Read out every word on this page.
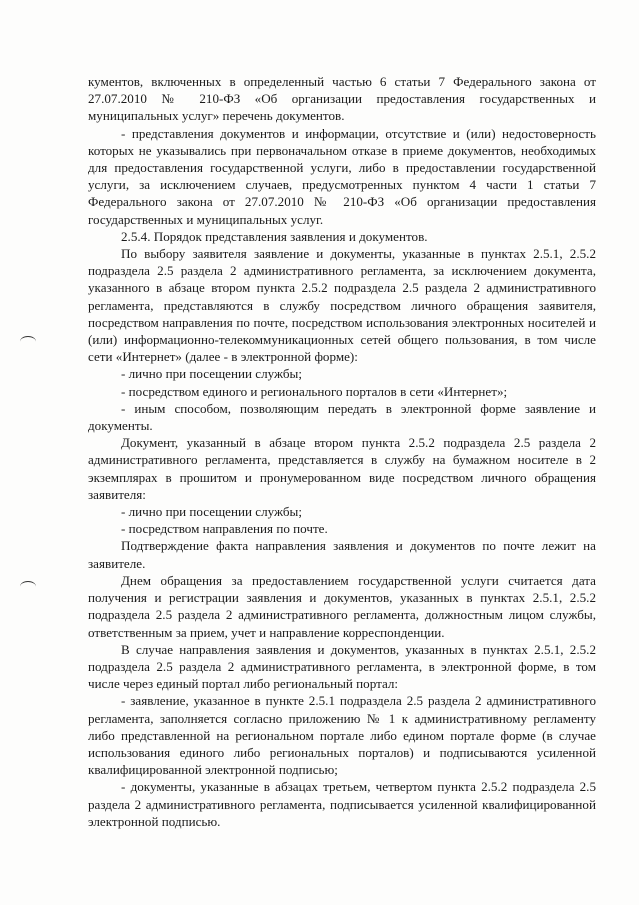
кументов, включенных в определенный частью 6 статьи 7 Федерального закона от 27.07.2010 № 210-ФЗ «Об организации предоставления государственных и муниципальных услуг» перечень документов.

- представления документов и информации, отсутствие и (или) недостоверность которых не указывались при первоначальном отказе в приеме документов, необходимых для предоставления государственной услуги, либо в предоставлении государственной услуги, за исключением случаев, предусмотренных пунктом 4 части 1 статьи 7 Федерального закона от 27.07.2010 № 210-ФЗ «Об организации предоставления государственных и муниципальных услуг.

2.5.4. Порядок представления заявления и документов.

По выбору заявителя заявление и документы, указанные в пунктах 2.5.1, 2.5.2 подраздела 2.5 раздела 2 административного регламента, за исключением документа, указанного в абзаце втором пункта 2.5.2 подраздела 2.5 раздела 2 административного регламента, представляются в службу посредством личного обращения заявителя, посредством направления по почте, посредством использования электронных носителей и (или) информационно-телекоммуникационных сетей общего пользования, в том числе сети «Интернет» (далее - в электронной форме):

- лично при посещении службы;

- посредством единого и регионального порталов в сети «Интернет»;

- иным способом, позволяющим передать в электронной форме заявление и документы.

Документ, указанный в абзаце втором пункта 2.5.2 подраздела 2.5 раздела 2 административного регламента, представляется в службу на бумажном носителе в 2 экземплярах в прошитом и пронумерованном виде посредством личного обращения заявителя:

- лично при посещении службы;

- посредством направления по почте.

Подтверждение факта направления заявления и документов по почте лежит на заявителе.

Днем обращения за предоставлением государственной услуги считается дата получения и регистрации заявления и документов, указанных в пунктах 2.5.1, 2.5.2 подраздела 2.5 раздела 2 административного регламента, должностным лицом службы, ответственным за прием, учет и направление корреспонденции.

В случае направления заявления и документов, указанных в пунктах 2.5.1, 2.5.2 подраздела 2.5 раздела 2 административного регламента, в электронной форме, в том числе через единый портал либо региональный портал:

- заявление, указанное в пункте 2.5.1 подраздела 2.5 раздела 2 административного регламента, заполняется согласно приложению № 1 к административному регламенту либо представленной на региональном портале либо едином портале форме (в случае использования единого либо региональных порталов) и подписываются усиленной квалифицированной электронной подписью;

- документы, указанные в абзацах третьем, четвертом пункта 2.5.2 подраздела 2.5 раздела 2 административного регламента, подписывается усиленной квалифицированной электронной подписью.
